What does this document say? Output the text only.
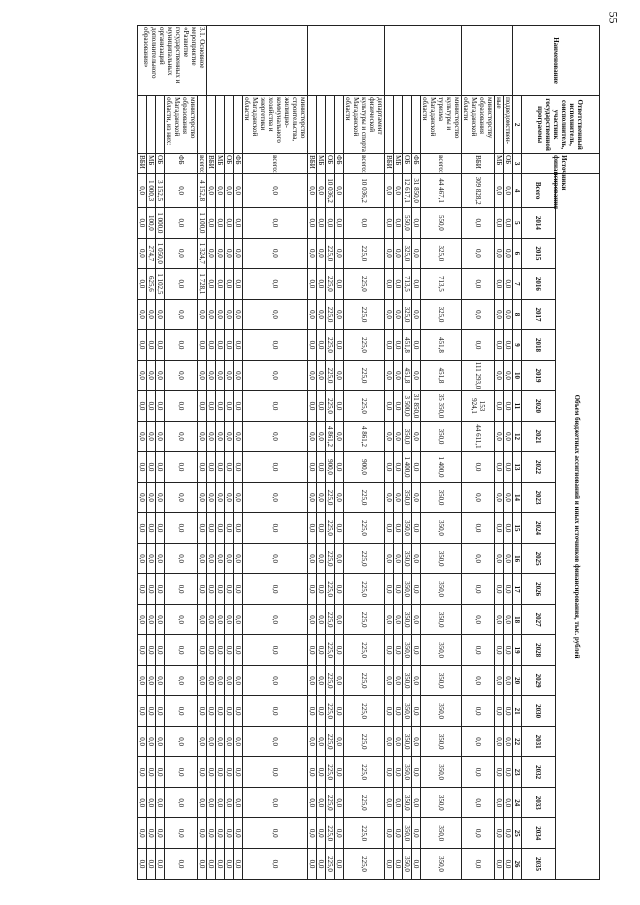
55
Наименование	Ответственный исполнитель, соисполнитель, участник государственной программы	Источники финансирования	Объем бюджетных ассигнований и иных источников финансирования, тыс. рублей																						
			Всего	2014	2015	2016	2017	2018	2019	2020	2021	2022	2023	2024	2025	2026	2027	2028	2029	2030	2031	2032	2033	2034	2035
	2	3	4	5	6	7	8	9	10	11	12	13	14	15	16	17	18	19	20	21	22	23	24	25	26
	подведомствен-	ОБ	0,0	0,0	0,0	0,0	0,0	0,0	0,0	0,0	0,0	0,0	0,0	0,0	0,0	0,0	0,0	0,0	0,0	0,0	0,0	0,0	0,0	0,0	0,0
	ные	МБ	0,0	0,0	0,0	0,0	0,0	0,0	0,0	0,0	0,0	0,0	0,0	0,0	0,0	0,0	0,0	0,0	0,0	0,0	0,0	0,0	0,0	0,0	0,0
	министерству образования Магаданской области	ВБИ	309 828,2	0,0	0,0	0,0	0,0	0,0	111 293,0	153 924,1	44 611,1	0,0	0,0	0,0	0,0	0,0	0,0	0,0	0,0	0,0	0,0	0,0	0,0	0,0	0,0
	министерство культуры и туризма Магаданской области	всего:	44 467,1	550,0	325,0	713,5	325,0	451,8	451,8	35 350,0	350,0	1 400,0	350,0	350,0	350,0	350,0	350,0	350,0	350,0	350,0	350,0	350,0	350,0	350,0	350,0
		ФБ	31 850,0	0,0	0,0	0,0	0,0	0,0	0,0	31 850,0	0,0	0,0	0,0	0,0	0,0	0,0	0,0	0,0	0,0	0,0	0,0	0,0	0,0	0,0	0,0
		ОБ	12 617,1	550,0	325,0	713,5	325,0	451,8	451,8	3 500,0	350,0	1 400,0	350,0	350,0	350,0	350,0	350,0	350,0	350,0	350,0	350,0	350,0	350,0	350,0	350,0
		МБ	0,0	0,0	0,0	0,0	0,0	0,0	0,0	0,0	0,0	0,0	0,0	0,0	0,0	0,0	0,0	0,0	0,0	0,0	0,0	0,0	0,0	0,0	0,0
		ВБИ	0,0	0,0	0,0	0,0	0,0	0,0	0,0	0,0	0,0	0,0	0,0	0,0	0,0	0,0	0,0	0,0	0,0	0,0	0,0	0,0	0,0	0,0	0,0
	департамент физической культуры и спорта Магаданской области	всего:	10 036,2	0,0	225,0	225,0	225,0	225,0	225,0	225,0	4 861,2	900,0	225,0	225,0	225,0	225,0	225,0	225,0	225,0	225,0	225,0	225,0	225,0	225,0	225,0
		ФБ	0,0	0,0	0,0	0,0	0,0	0,0	0,0	0,0	0,0	0,0	0,0	0,0	0,0	0,0	0,0	0,0	0,0	0,0	0,0	0,0	0,0	0,0	0,0
		ОБ	10 036,2	0,0	225,0	225,0	225,0	225,0	225,0	225,0	4 861,2	900,0	225,0	225,0	225,0	225,0	225,0	225,0	225,0	225,0	225,0	225,0	225,0	225,0	225,0
		МБ	0,0	0,0	0,0	0,0	0,0	0,0	0,0	0,0	0,0	0,0	0,0	0,0	0,0	0,0	0,0	0,0	0,0	0,0	0,0	0,0	0,0	0,0	0,0
		ВБИ	0,0	0,0	0,0	0,0	0,0	0,0	0,0	0,0	0,0	0,0	0,0	0,0	0,0	0,0	0,0	0,0	0,0	0,0	0,0	0,0	0,0	0,0	0,0
	министерство строительства, жилищно-коммунального хозяйства и энергетики Магаданской области	всего:	0,0	0,0	0,0	0,0	0,0	0,0	0,0	0,0	0,0	0,0	0,0	0,0	0,0	0,0	0,0	0,0	0,0	0,0	0,0	0,0	0,0	0,0	0,0
		ФБ	0,0	0,0	0,0	0,0	0,0	0,0	0,0	0,0	0,0	0,0	0,0	0,0	0,0	0,0	0,0	0,0	0,0	0,0	0,0	0,0	0,0	0,0	0,0
		ОБ	0,0	0,0	0,0	0,0	0,0	0,0	0,0	0,0	0,0	0,0	0,0	0,0	0,0	0,0	0,0	0,0	0,0	0,0	0,0	0,0	0,0	0,0	0,0
		МБ	0,0	0,0	0,0	0,0	0,0	0,0	0,0	0,0	0,0	0,0	0,0	0,0	0,0	0,0	0,0	0,0	0,0	0,0	0,0	0,0	0,0	0,0	0,0
		ВБИ	0,0	0,0	0,0	0,0	0,0	0,0	0,0	0,0	0,0	0,0	0,0	0,0	0,0	0,0	0,0	0,0	0,0	0,0	0,0	0,0	0,0	0,0	0,0
3.1. Основное мероприятие «Развитие государственных и муниципальных организаций дополнительного образования»		всего:	4 152,8	1 100,0	1 324,7	1 728,1	0,0	0,0	0,0	0,0	0,0	0,0	0,0	0,0	0,0	0,0	0,0	0,0	0,0	0,0	0,0	0,0	0,0	0,0	0,0
	министерство образования Магаданской области, из них:	ФБ	0,0	0,0	0,0	0,0	0,0	0,0	0,0	0,0	0,0	0,0	0,0	0,0	0,0	0,0	0,0	0,0	0,0	0,0	0,0	0,0	0,0	0,0	0,0
		ОБ	3 152,5	1 000,0	1 050,0	1 102,5	0,0	0,0	0,0	0,0	0,0	0,0	0,0	0,0	0,0	0,0	0,0	0,0	0,0	0,0	0,0	0,0	0,0	0,0	0,0
		МБ	1 000,3	100,0	274,7	625,6	0,0	0,0	0,0	0,0	0,0	0,0	0,0	0,0	0,0	0,0	0,0	0,0	0,0	0,0	0,0	0,0	0,0	0,0	0,0
		ВБИ	0,0	0,0	0,0	0,0	0,0	0,0	0,0	0,0	0,0	0,0	0,0	0,0	0,0	0,0	0,0	0,0	0,0	0,0	0,0	0,0	0,0	0,0	0,0
